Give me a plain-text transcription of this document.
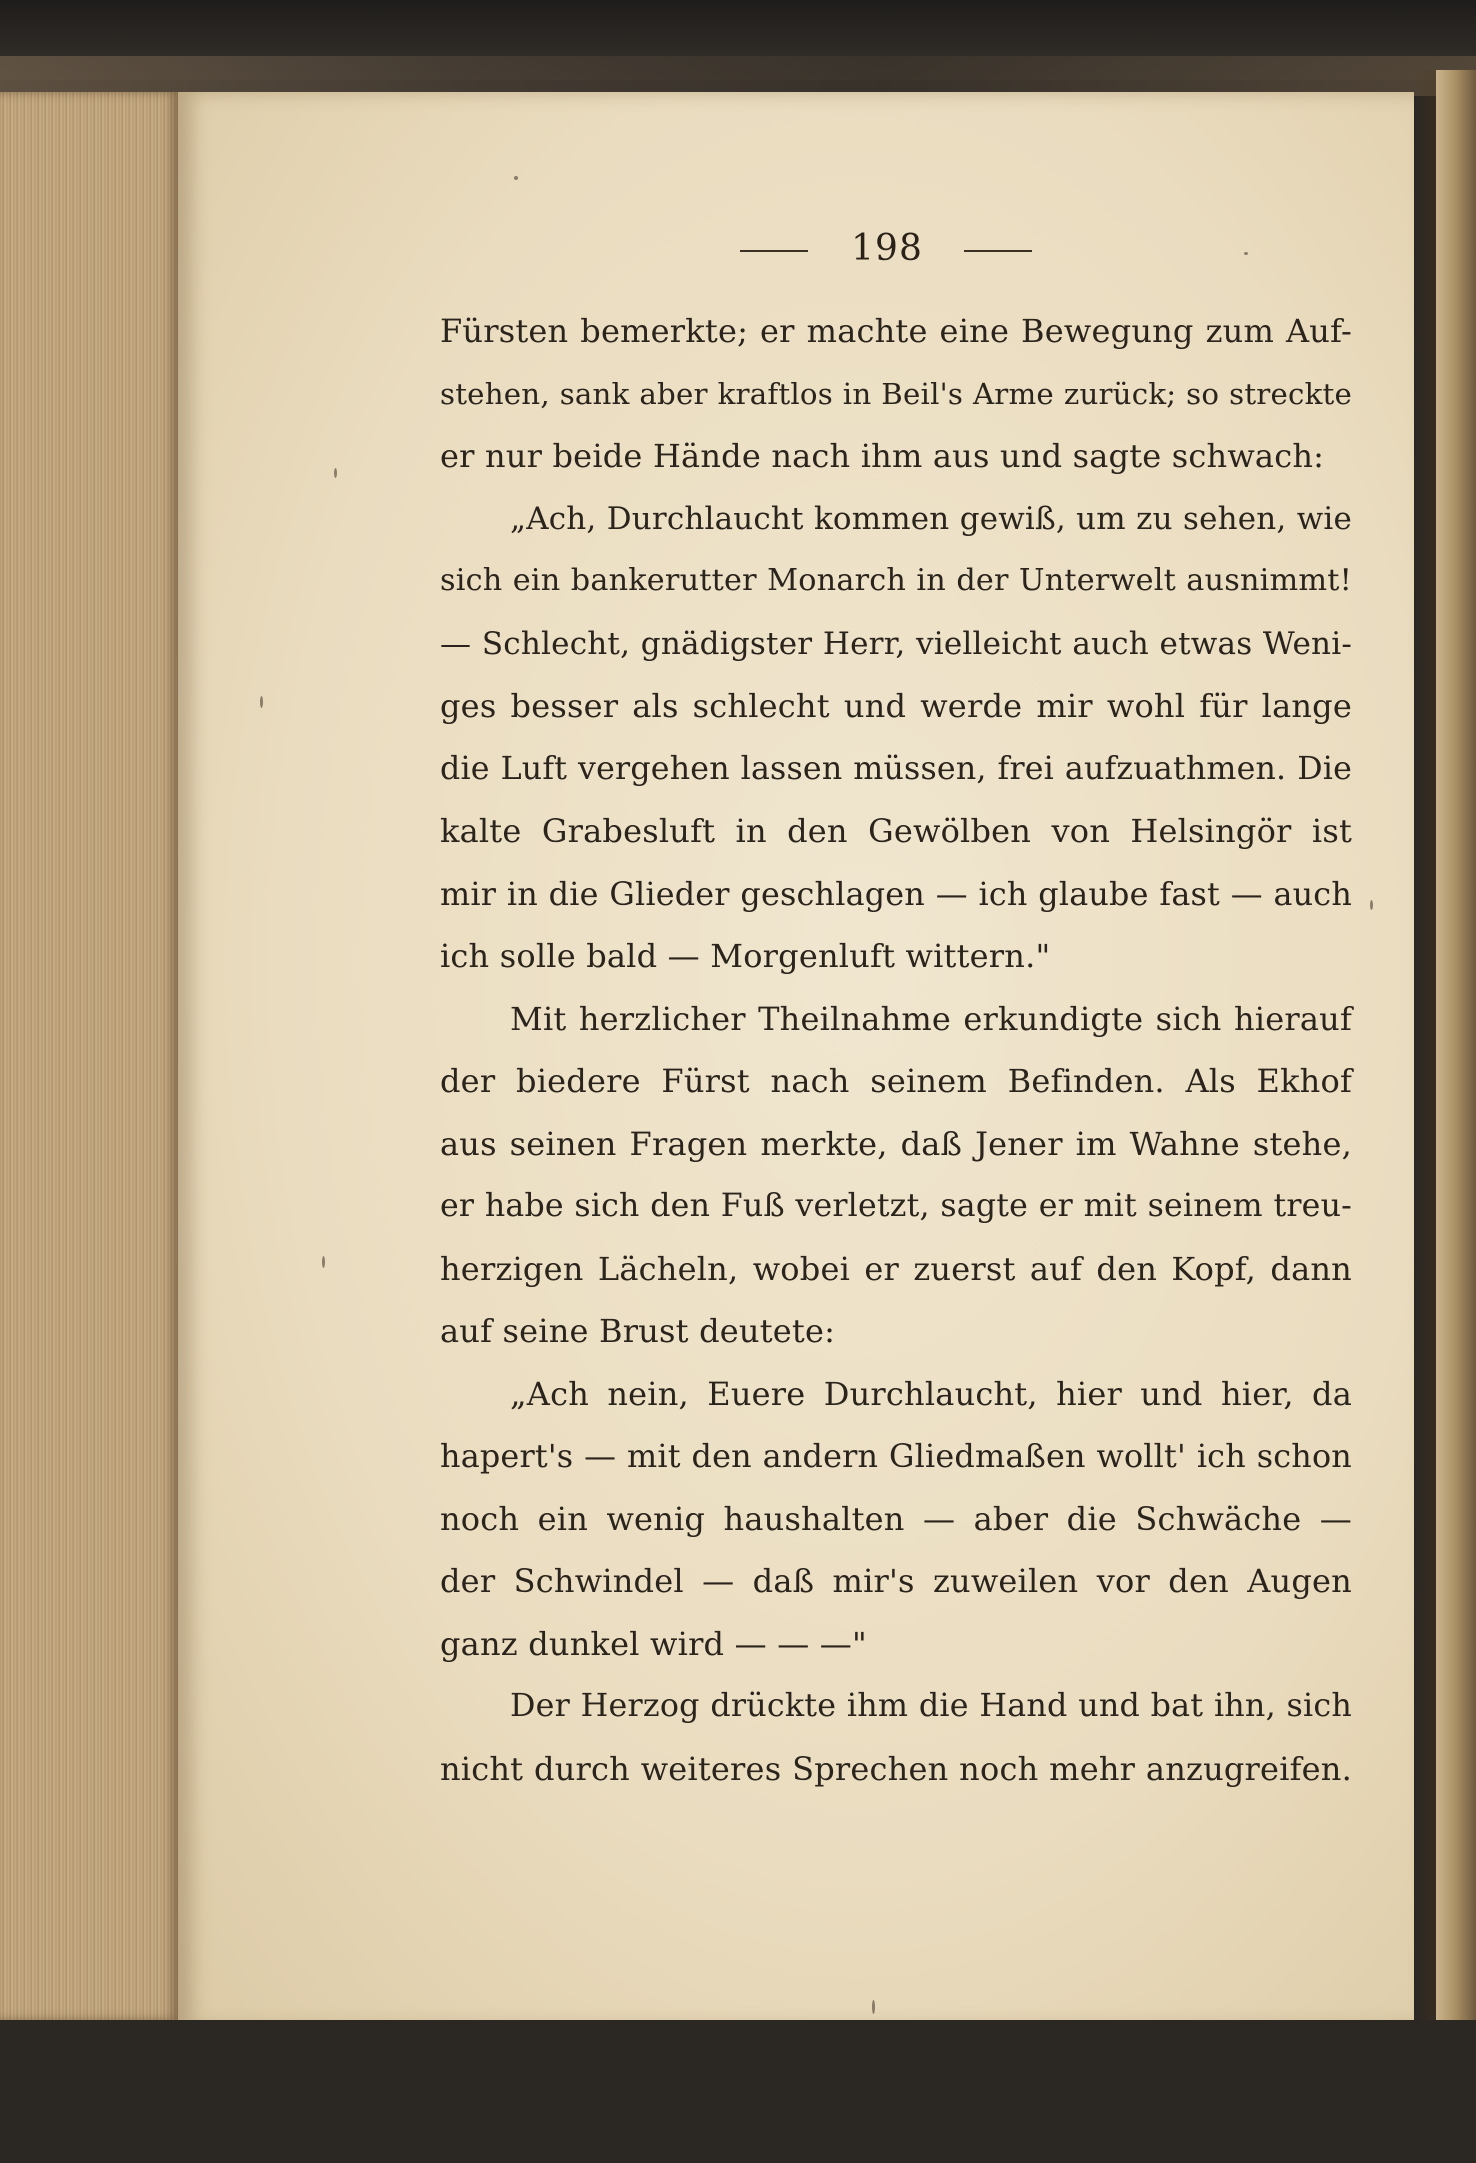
198
Fürsten bemerkte; er machte eine Bewegung zum Auf-
stehen, sank aber kraftlos in Beil's Arme zurück; so streckte
er nur beide Hände nach ihm aus und sagte schwach:
„Ach, Durchlaucht kommen gewiß, um zu sehen, wie
sich ein bankerutter Monarch in der Unterwelt ausnimmt!
— Schlecht, gnädigster Herr, vielleicht auch etwas Weni-
ges besser als schlecht und werde mir wohl für lange
die Luft vergehen lassen müssen, frei aufzuathmen. Die
kalte Grabesluft in den Gewölben von Helsingör ist
mir in die Glieder geschlagen — ich glaube fast — auch
ich solle bald — Morgenluft wittern."
Mit herzlicher Theilnahme erkundigte sich hierauf
der biedere Fürst nach seinem Befinden. Als Ekhof
aus seinen Fragen merkte, daß Jener im Wahne stehe,
er habe sich den Fuß verletzt, sagte er mit seinem treu-
herzigen Lächeln, wobei er zuerst auf den Kopf, dann
auf seine Brust deutete:
„Ach nein, Euere Durchlaucht, hier und hier, da
hapert's — mit den andern Gliedmaßen wollt' ich schon
noch ein wenig haushalten — aber die Schwäche —
der Schwindel — daß mir's zuweilen vor den Augen
ganz dunkel wird — — —"
Der Herzog drückte ihm die Hand und bat ihn, sich
nicht durch weiteres Sprechen noch mehr anzugreifen.
